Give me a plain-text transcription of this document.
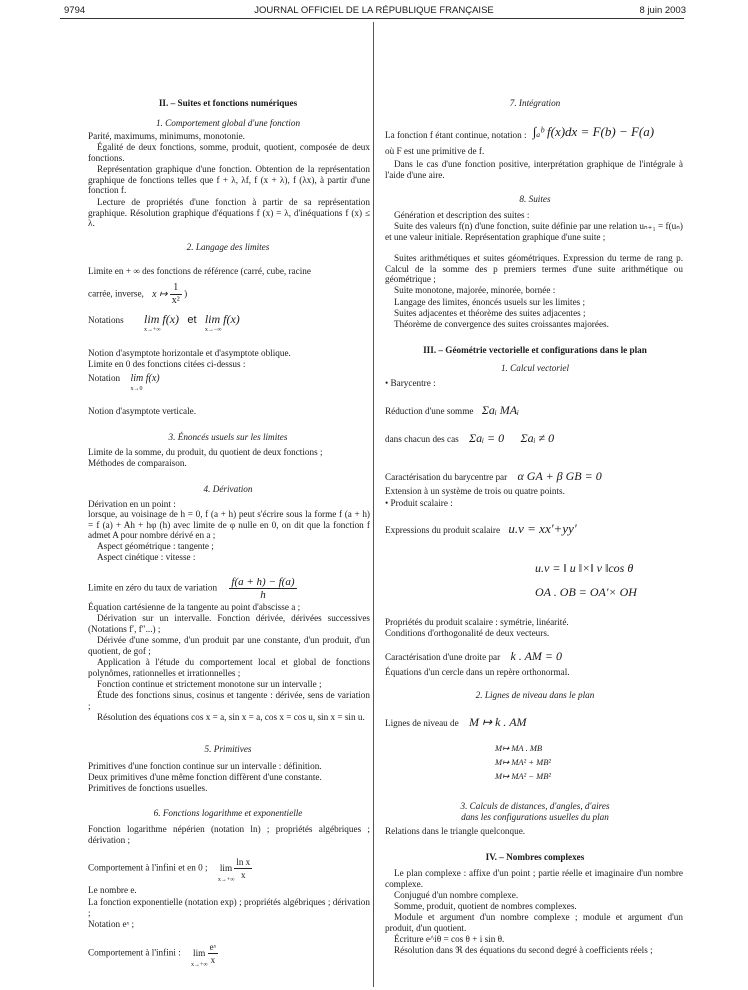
9794	JOURNAL OFFICIEL DE LA RÉPUBLIQUE FRANÇAISE	8 juin 2003
II. – Suites et fonctions numériques
1. Comportement global d'une fonction
Parité, maximums, minimums, monotonie.
Égalité de deux fonctions, somme, produit, quotient, composée de deux fonctions.
Représentation graphique d'une fonction. Obtention de la représentation graphique de fonctions telles que f + λ, λf, f (x + λ), f (λx), à partir d'une fonction f.
Lecture de propriétés d'une fonction à partir de sa représentation graphique. Résolution graphique d'équations f (x) = λ, d'inéquations f (x) ≤ λ.
2. Langage des limites
Limite en + ∞ des fonctions de référence (carré, cube, racine
carrée, inverse, x ↦ $\frac{1}{\text{x²}}$ )
Notations lim f(x)
x→+∞
et lim f(x)
x→−∞
Notion d'asymptote horizontale et d'asymptote oblique.
Limite en 0 des fonctions citées ci-dessus :
Notation lim f(x)
x→0
Notion d'asymptote verticale.
3. Énoncés usuels sur les limites
Limite de la somme, du produit, du quotient de deux fonctions ;
Méthodes de comparaison.
4. Dérivation
Dérivation en un point :
lorsque, au voisinage de h = 0, f (a + h) peut s'écrire sous la forme f (a + h) = f (a) + Ah + hφ (h) avec limite de φ nulle en 0, on dit que la fonction f admet A pour nombre dérivé en a ;
Aspect géométrique : tangente ;
Aspect cinétique : vitesse :
Limite en zéro du taux de variation $\frac{f(a + h) - f(a)}{h}$
Équation cartésienne de la tangente au point d'abscisse a ;
Dérivation sur un intervalle. Fonction dérivée, dérivées successives (Notations f′, f″...) ;
Dérivée d'une somme, d'un produit par une constante, d'un produit, d'un quotient, de gof ;
Application à l'étude du comportement local et global de fonctions polynômes, rationnelles et irrationnelles ;
Fonction continue et strictement monotone sur un intervalle ;
Étude des fonctions sinus, cosinus et tangente : dérivée, sens de variation ;
Résolution des équations cos x = a, sin x = a, cos x = cos u, sin x = sin u.
5. Primitives
Primitives d'une fonction continue sur un intervalle : définition.
Deux primitives d'une même fonction diffèrent d'une constante.
Primitives de fonctions usuelles.
6. Fonctions logarithme et exponentielle
Fonction logarithme népérien (notation ln) ; propriétés algébriques ; dérivation ;
Comportement à l'infini et en 0 ; lim
x→+∞
$\frac{\text{ln x}}{x}$
Le nombre e.
La fonction exponentielle (notation exp) ; propriétés algébriques ; dérivation ;
Notation eˣ ;
Comportement à l'infini : lim
x→+∞
$\frac{\text{eˣ}}{x}$
7. Intégration
La fonction f étant continue, notation : ∫ₐᵇ f(x)dx = F(b) − F(a)
où F est une primitive de f.
Dans le cas d'une fonction positive, interprétation graphique de l'intégrale à l'aide d'une aire.
8. Suites
Génération et description des suites :
Suite des valeurs f(n) d'une fonction, suite définie par une relation uₙ₊₁ = f(uₙ) et une valeur initiale. Représentation graphique d'une suite ;
Suites arithmétiques et suites géométriques. Expression du terme de rang p. Calcul de la somme des p premiers termes d'une suite arithmétique ou géométrique ;
Suite monotone, majorée, minorée, bornée :
Langage des limites, énoncés usuels sur les limites ;
Suites adjacentes et théorème des suites adjacentes ;
Théorème de convergence des suites croissantes majorées.
III. – Géométrie vectorielle et configurations dans le plan
1. Calcul vectoriel
• Barycentre :
Réduction d'une somme Σaᵢ MAᵢ
dans chacun des cas Σaᵢ = 0 Σaᵢ ≠ 0
Caractérisation du barycentre par α GA + β GB = 0
Extension à un système de trois ou quatre points.
• Produit scalaire :
Expressions du produit scalaire u.v = xx′+yy′
u.v = ‖ u ‖×‖ v ‖cos θ
OA . OB = OA′× OH
Propriétés du produit scalaire : symétrie, linéarité.
Conditions d'orthogonalité de deux vecteurs.
Caractérisation d'une droite par k . AM = 0
Équations d'un cercle dans un repère orthonormal.
2. Lignes de niveau dans le plan
Lignes de niveau de M ↦ k . AM
M↦ MA . MB
M↦ MA² + MB²
M↦ MA² − MB²
3. Calculs de distances, d'angles, d'aires
dans les configurations usuelles du plan
Relations dans le triangle quelconque.
IV. – Nombres complexes
Le plan complexe : affixe d'un point ; partie réelle et imaginaire d'un nombre complexe.
Conjugué d'un nombre complexe.
Somme, produit, quotient de nombres complexes.
Module et argument d'un nombre complexe ; module et argument d'un produit, d'un quotient.
Écriture e^iθ = cos θ + i sin θ.
Résolution dans ℜ des équations du second degré à coefficients réels ;
